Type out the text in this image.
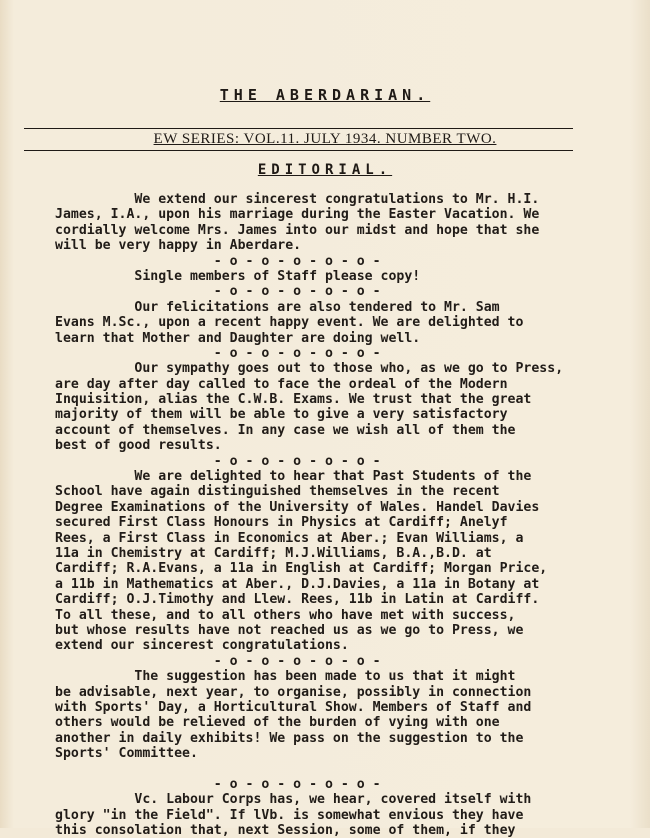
THE ABERDARIAN.
EW SERIES: VOL.11. JULY 1934. NUMBER TWO.
EDITORIAL.
We extend our sincerest congratulations to Mr. H.I.
James, I.A., upon his marriage during the Easter Vacation. We
cordially welcome Mrs. James into our midst and hope that she
will be very happy in Aberdare.
- o - o - o - o - o -
Single members of Staff please copy!
- o - o - o - o - o -
Our felicitations are also tendered to Mr. Sam
Evans M.Sc., upon a recent happy event. We are delighted to
learn that Mother and Daughter are doing well.
- o - o - o - o - o -
Our sympathy goes out to those who, as we go to Press,
are day after day called to face the ordeal of the Modern
Inquisition, alias the C.W.B. Exams. We trust that the great
majority of them will be able to give a very satisfactory
account of themselves. In any case we wish all of them the
best of good results.
- o - o - o - o - o -
We are delighted to hear that Past Students of the
School have again distinguished themselves in the recent
Degree Examinations of the University of Wales. Handel Davies
secured First Class Honours in Physics at Cardiff; Anelyf
Rees, a First Class in Economics at Aber.; Evan Williams, a
11a in Chemistry at Cardiff; M.J.Williams, B.A.,B.D. at
Cardiff; R.A.Evans, a 11a in English at Cardiff; Morgan Price,
a 11b in Mathematics at Aber., D.J.Davies, a 11a in Botany at
Cardiff; O.J.Timothy and Llew. Rees, 11b in Latin at Cardiff.
To all these, and to all others who have met with success,
but whose results have not reached us as we go to Press, we
extend our sincerest congratulations.
- o - o - o - o - o -
The suggestion has been made to us that it might
be advisable, next year, to organise, possibly in connection
with Sports' Day, a Horticultural Show. Members of Staff and
others would be relieved of the burden of vying with one
another in daily exhibits! We pass on the suggestion to the
Sports' Committee.
- o - o - o - o - o -
Vc. Labour Corps has, we hear, covered itself with
glory "in the Field". If lVb. is somewhat envious they have
this consolation that, next Session, some of them, if they
